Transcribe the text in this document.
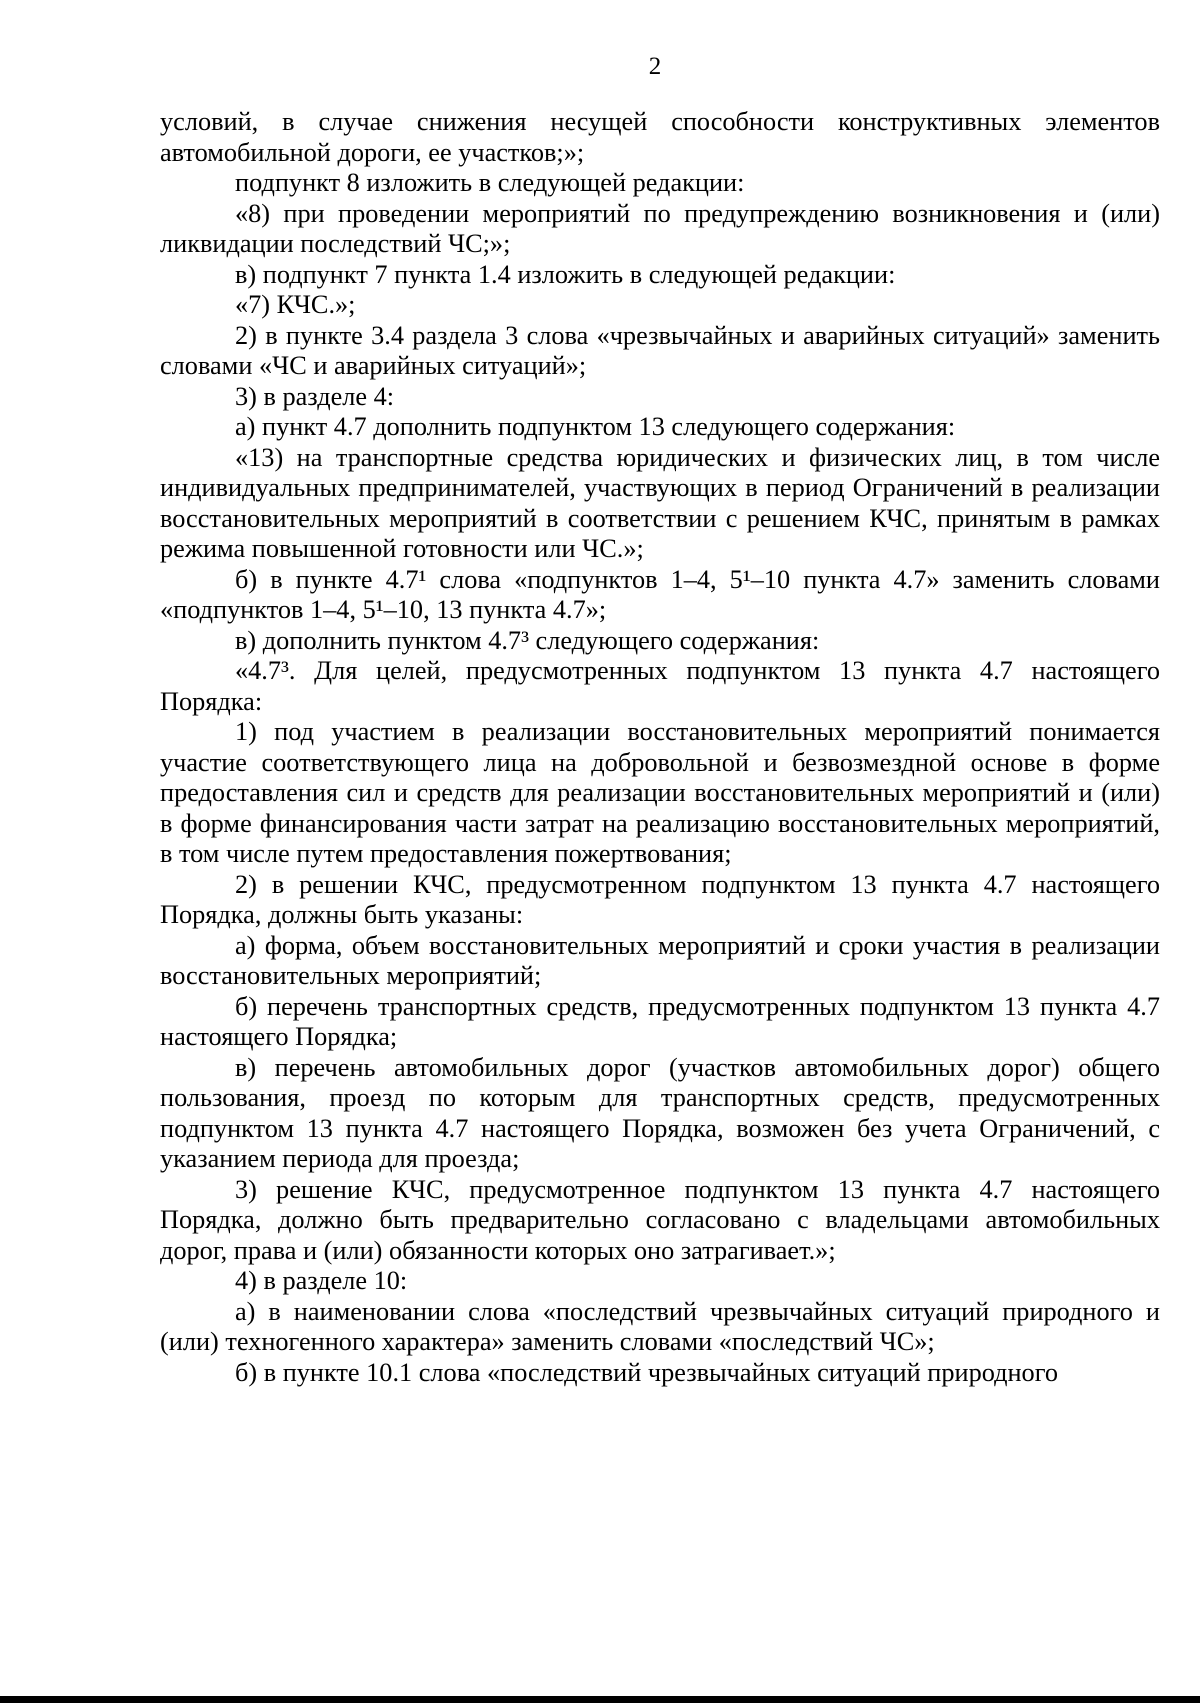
2

условий, в случае снижения несущей способности конструктивных элементов автомобильной дороги, ее участков;»;

подпункт 8 изложить в следующей редакции:

«8) при проведении мероприятий по предупреждению возникновения и (или) ликвидации последствий ЧС;»;

в) подпункт 7 пункта 1.4 изложить в следующей редакции:

«7) КЧС.»;

2) в пункте 3.4 раздела 3 слова «чрезвычайных и аварийных ситуаций» заменить словами «ЧС и аварийных ситуаций»;

3) в разделе 4:

а) пункт 4.7 дополнить подпунктом 13 следующего содержания:

«13) на транспортные средства юридических и физических лиц, в том числе индивидуальных предпринимателей, участвующих в период Ограничений в реализации восстановительных мероприятий в соответствии с решением КЧС, принятым в рамках режима повышенной готовности или ЧС.»;

б) в пункте 4.7¹ слова «подпунктов 1–4, 5¹–10 пункта 4.7» заменить словами «подпунктов 1–4, 5¹–10, 13 пункта 4.7»;

в) дополнить пунктом 4.7³ следующего содержания:

«4.7³. Для целей, предусмотренных подпунктом 13 пункта 4.7 настоящего Порядка:

1) под участием в реализации восстановительных мероприятий понимается участие соответствующего лица на добровольной и безвозмездной основе в форме предоставления сил и средств для реализации восстановительных мероприятий и (или) в форме финансирования части затрат на реализацию восстановительных мероприятий, в том числе путем предоставления пожертвования;

2) в решении КЧС, предусмотренном подпунктом 13 пункта 4.7 настоящего Порядка, должны быть указаны:

а) форма, объем восстановительных мероприятий и сроки участия в реализации восстановительных мероприятий;

б) перечень транспортных средств, предусмотренных подпунктом 13 пункта 4.7 настоящего Порядка;

в) перечень автомобильных дорог (участков автомобильных дорог) общего пользования, проезд по которым для транспортных средств, предусмотренных подпунктом 13 пункта 4.7 настоящего Порядка, возможен без учета Ограничений, с указанием периода для проезда;

3) решение КЧС, предусмотренное подпунктом 13 пункта 4.7 настоящего Порядка, должно быть предварительно согласовано с владельцами автомобильных дорог, права и (или) обязанности которых оно затрагивает.»;

4) в разделе 10:

а) в наименовании слова «последствий чрезвычайных ситуаций природного и (или) техногенного характера» заменить словами «последствий ЧС»;

б) в пункте 10.1 слова «последствий чрезвычайных ситуаций природного
